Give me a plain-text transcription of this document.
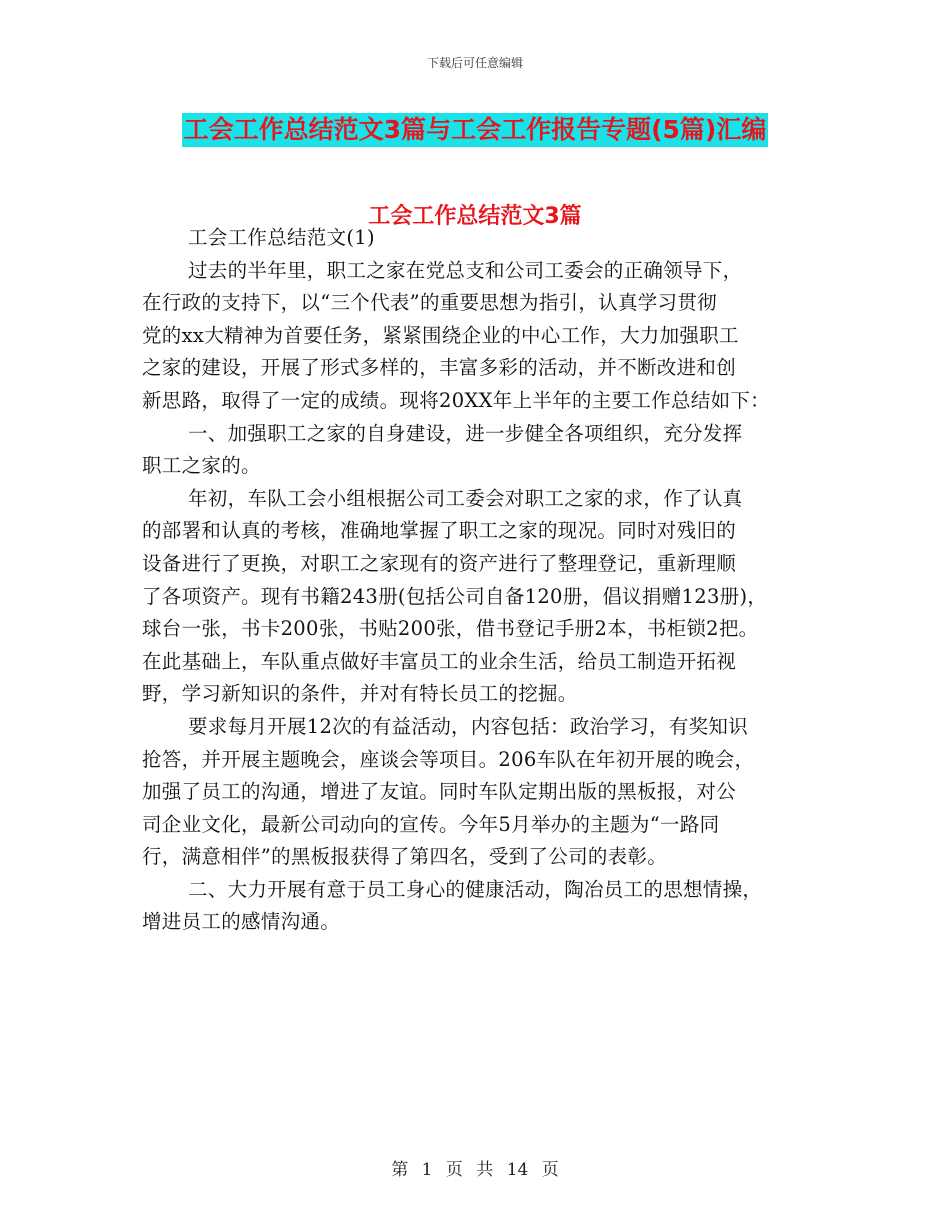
下载后可任意编辑
工会工作总结范文3篇与工会工作报告专题(5篇)汇编
工会工作总结范文3篇
工会工作总结范文(1)
过去的半年里，职工之家在党总支和公司工委会的正确领导下，
在行政的支持下，以“三个代表”的重要思想为指引，认真学习贯彻
党的xx大精神为首要任务，紧紧围绕企业的中心工作，大力加强职工
之家的建设，开展了形式多样的，丰富多彩的活动，并不断改进和创
新思路，取得了一定的成绩。现将20XX年上半年的主要工作总结如下：
一、加强职工之家的自身建设，进一步健全各项组织，充分发挥
职工之家的。
年初，车队工会小组根据公司工委会对职工之家的求，作了认真
的部署和认真的考核，准确地掌握了职工之家的现况。同时对残旧的
设备进行了更换，对职工之家现有的资产进行了整理登记，重新理顺
了各项资产。现有书籍243册(包括公司自备120册，倡议捐赠123册)，
球台一张，书卡200张，书贴200张，借书登记手册2本，书柜锁2把。
在此基础上，车队重点做好丰富员工的业余生活，给员工制造开拓视
野，学习新知识的条件，并对有特长员工的挖掘。
要求每月开展12次的有益活动，内容包括：政治学习，有奖知识
抢答，并开展主题晚会，座谈会等项目。206车队在年初开展的晚会，
加强了员工的沟通，增进了友谊。同时车队定期出版的黑板报，对公
司企业文化，最新公司动向的宣传。今年5月举办的主题为“一路同
行，满意相伴”的黑板报获得了第四名，受到了公司的表彰。
二、大力开展有意于员工身心的健康活动，陶冶员工的思想情操，
增进员工的感情沟通。
第 1 页 共 14 页
